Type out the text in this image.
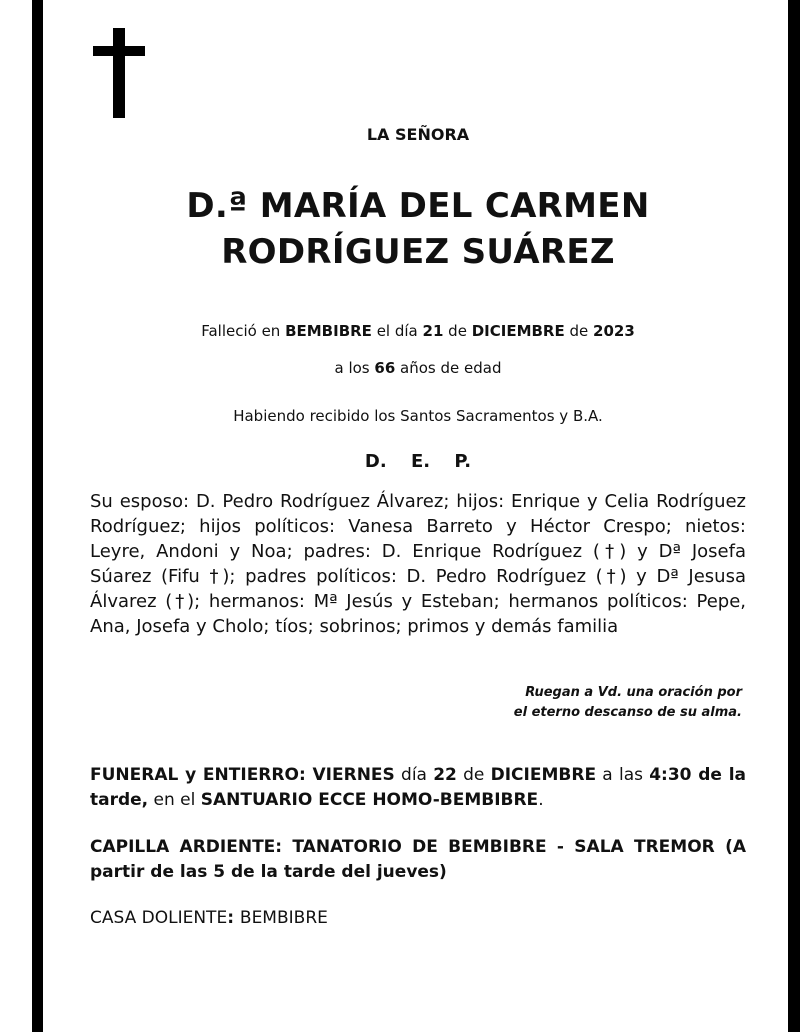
LA SEÑORA
D.ª MARÍA DEL CARMEN
RODRÍGUEZ SUÁREZ
Falleció en BEMBIBRE el día 21 de DICIEMBRE de 2023
a los 66 años de edad
Habiendo recibido los Santos Sacramentos y B.A.
D. E. P.
Su esposo: D. Pedro Rodríguez Álvarez; hijos: Enrique y Celia Rodríguez Rodríguez; hijos políticos: Vanesa Barreto y Héctor Crespo; nietos: Leyre, Andoni y Noa; padres: D. Enrique Rodríguez (†) y Dª Josefa Súarez (Fifu †); padres políticos: D. Pedro Rodríguez (†) y Dª Jesusa Álvarez (†); hermanos: Mª Jesús y Esteban; hermanos políticos: Pepe, Ana, Josefa y Cholo; tíos; sobrinos; primos y demás familia
Ruegan a Vd. una oración por
el eterno descanso de su alma.
FUNERAL y ENTIERRO: VIERNES día 22 de DICIEMBRE a las 4:30 de la tarde, en el SANTUARIO ECCE HOMO-BEMBIBRE.
CAPILLA ARDIENTE: TANATORIO DE BEMBIBRE - SALA TREMOR (A partir de las 5 de la tarde del jueves)
CASA DOLIENTE: BEMBIBRE
